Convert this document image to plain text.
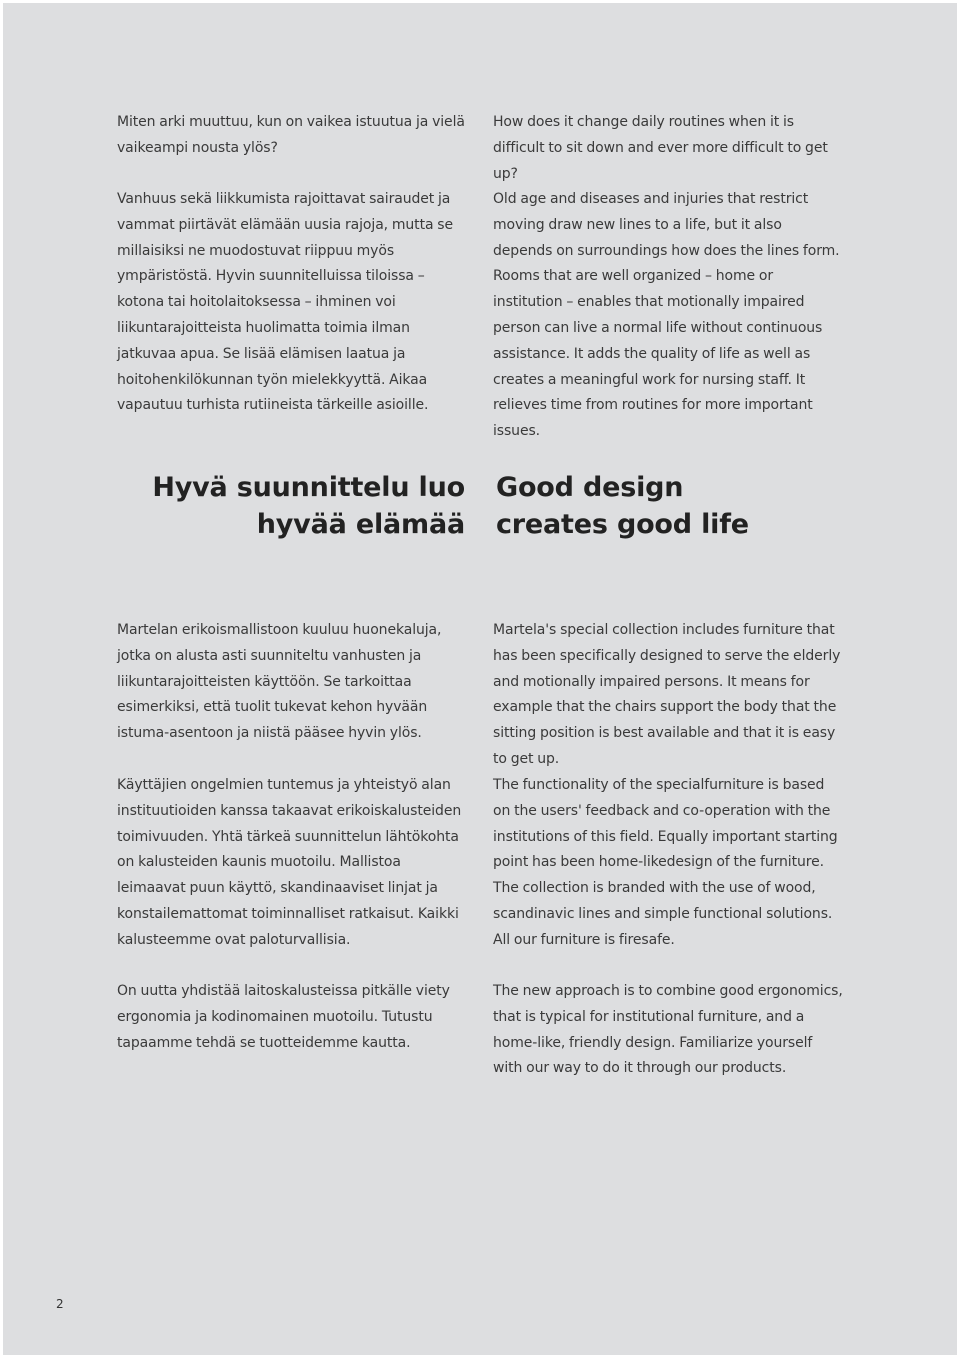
Miten arki muuttuu, kun on vaikea istuutua ja vielä vaikeampi nousta ylös?

How does it change daily routines when it is difficult to sit down and ever more difficult to get up?

Vanhuus sekä liikkumista rajoittavat sairaudet ja vammat piirtävät elämään uusia rajoja, mutta se millaisiksi ne muodostuvat riippuu myös ympäristöstä. Hyvin suunnitelluissa tiloissa – kotona tai hoitolaitoksessa – ihminen voi liikuntarajoitteista huolimatta toimia ilman jatkuvaa apua. Se lisää elämisen laatua ja hoitohenkilökunnan työn mielekkyyttä. Aikaa vapautuu turhista rutiineista tärkeille asioille.

Old age and diseases and injuries that restrict moving draw new lines to a life, but it also depends on surroundings how does the lines form. Rooms that are well organized – home or institution – enables that motionally impaired person can live a normal life without continuous assistance. It adds the quality of life as well as creates a meaningful work for nursing staff. It relieves time from routines for more important issues.

Hyvä suunnittelu luo
hyvää elämää
Good design
creates good life

Martelan erikoismallistoon kuuluu huonekaluja, jotka on alusta asti suunniteltu vanhusten ja liikuntarajoitteisten käyttöön. Se tarkoittaa esimerkiksi, että tuolit tukevat kehon hyvään istuma-asentoon ja niistä pääsee hyvin ylös.

Martela's special collection includes furniture that has been specifically designed to serve the elderly and motionally impaired persons. It means for example that the chairs support the body that the sitting position is best available and that it is easy to get up.

Käyttäjien ongelmien tuntemus ja yhteistyö alan instituutioiden kanssa takaavat erikoiskalusteiden toimivuuden. Yhtä tärkeä suunnittelun lähtökohta on kalusteiden kaunis muotoilu. Mallistoa leimaavat puun käyttö, skandinaaviset linjat ja konstailemattomat toiminnalliset ratkaisut. Kaikki kalusteemme ovat paloturvallisia.

The functionality of the specialfurniture is based on the users' feedback and co-operation with the institutions of this field. Equally important starting point has been home-likedesign of the furniture. The collection is branded with the use of wood, scandinavic lines and simple functional solutions. All our furniture is firesafe.

On uutta yhdistää laitoskalusteissa pitkälle viety ergonomia ja kodinomainen muotoilu. Tutustu tapaamme tehdä se tuotteidemme kautta.

The new approach is to combine good ergonomics, that is typical for institutional furniture, and a home-like, friendly design. Familiarize yourself with our way to do it through our products.

2
